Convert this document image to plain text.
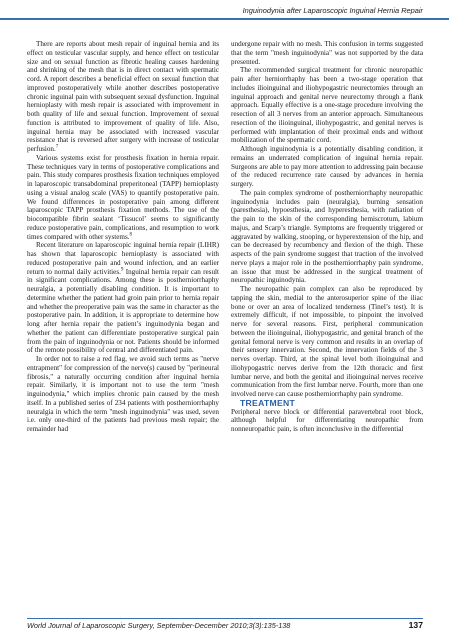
Inguinodynia after Laparoscopic Inguinal Hernia Repair

There are reports about mesh repair of inguinal hernia and its effect on testicular vascular supply, and hence effect on testicular size and on sexual function as fibrotic healing causes hardening and shrinking of the mesh that is in direct contact with spermatic cord. A report describes a beneficial effect on sexual function that improved postoperatively while another describes postoperative chronic inguinal pain with subsequent sexual dysfunction. Inguinal hernioplasty with mesh repair is associated with improvement in both quality of life and sexual function. Improvement of sexual function is attributed to improvement of quality of life. Also, inguinal hernia may be associated with increased vascular resistance that is reversed after surgery with increase of testicular perfusion.$^7$

Various systems exist for prosthesis fixation in hernia repair. These techniques vary in terms of postoperative complications and pain. This study compares prosthesis fixation techniques employed in laparoscopic transabdominal preperitoneal (TAPP) hernioplasty using a visual analog scale (VAS) to quantify postoperative pain. We found differences in postoperative pain among different laparoscopic TAPP prosthesis fixation methods. The use of the biocompatible fibrin sealant ‘Tissucol’ seems to significantly reduce postoperative pain, complications, and resumption to work times compared with other systems.$^8$

Recent literature on laparoscopic inguinal hernia repair (LIHR) has shown that laparoscopic hernioplasty is associated with reduced postoperative pain and wound infection, and an earlier return to normal daily activities.$^9$ Inguinal hernia repair can result in significant complications. Among these is postherniorrhaphy neuralgia, a potentially disabling condition. It is important to determine whether the patient had groin pain prior to hernia repair and whether the preoperative pain was the same in character as the postoperative pain. In addition, it is appropriate to determine how long after hernia repair the patient’s inguinodynia began and whether the patient can differentiate postoperative surgical pain from the pain of inguinodynia or not. Patients should be informed of the remote possibility of central and differentiated pain.

In order not to raise a red flag, we avoid such terms as "nerve entrapment" for compression of the nerve(s) caused by "perineural fibrosis," a naturally occurring condition after inguinal hernia repair. Similarly, it is important not to use the term "mesh inguinodynia," which implies chronic pain caused by the mesh itself. In a published series of 234 patients with postherniorrhaphy neuralgia in which the term "mesh inguinodynia" was used, seven i.e. only one-third of the patients had previous mesh repair; the remainder had

undergone repair with no mesh. This confusion in terms suggested that the term "mesh inguinodynia" was not supported by the data presented.

The recommended surgical treatment for chronic neuropathic pain after herniorrhaphy has been a two-stage operation that includes ilioinguinal and iliohypogastric neurectomies through an inguinal approach and genital nerve neurectomy through a flank approach. Equally effective is a one-stage procedure involving the resection of all 3 nerves from an anterior approach. Simultaneous resection of the ilioinguinal, iliohypogastric, and genital nerves is performed with implantation of their proximal ends and without mobilization of the spermatic cord.

Although inguinodynia is a potentially disabling condition, it remains an underrated complication of inguinal hernia repair. Surgeons are able to pay more attention to addressing pain because of the reduced recurrence rate caused by advances in hernia surgery.

The pain complex syndrome of postherniorrhaphy neuropathic inguinodynia includes pain (neuralgia), burning sensation (paresthesia), hypoesthesia, and hyperesthesia, with radiation of the pain to the skin of the corresponding hemiscrotum, labium majus, and Scarp’s triangle. Symptoms are frequently triggered or aggravated by walking, stooping, or hyperextension of the hip, and can be decreased by recumbency and flexion of the thigh. These aspects of the pain syndrome suggest that traction of the involved nerve plays a major role in the postherniorrhaphy pain syndrome, an issue that must be addressed in the surgical treatment of neuropathic inguinodynia.

The neuropathic pain complex can also be reproduced by tapping the skin, medial to the anterosuperior spine of the iliac bone or over an area of localized tenderness (Tinel’s test). It is extremely difficult, if not impossible, to pinpoint the involved nerve for several reasons. First, peripheral communication between the ilioinguinal, iliohypogastric, and genital branch of the genital femoral nerve is very common and results in an overlap of their sensory innervation. Second, the innervation fields of the 3 nerves overlap. Third, at the spinal level both ilioinguinal and iliohypogastric nerves derive from the 12th thoracic and first lumbar nerve, and both the genital and ilioinguinal nerves receive communication from the first lumbar nerve. Fourth, more than one involved nerve can cause postherniorrhaphy pain syndrome.

TREATMENT

Peripheral nerve block or differential paravertebral root block, although helpful for differentiating neuropathic from nonneuropathic pain, is often inconclusive in the differential

World Journal of Laparoscopic Surgery, September-December 2010;3(3):135-138	137
